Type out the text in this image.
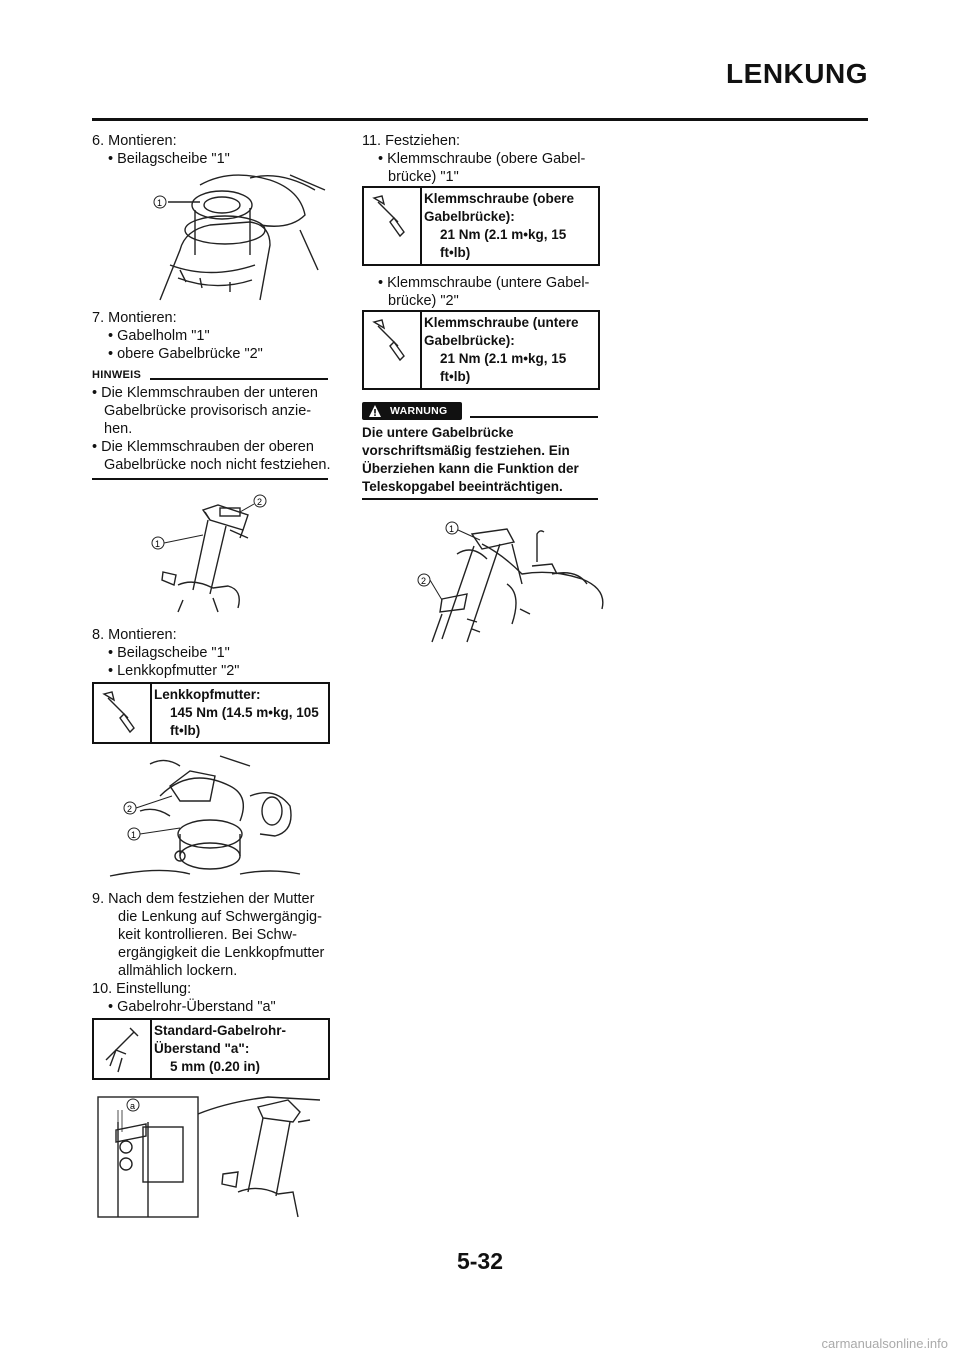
LENKUNG
6. Montieren:
• Beilagscheibe "1"
1
7. Montieren:
• Gabelholm "1"
• obere Gabelbrücke "2"
HINWEIS
• Die Klemmschrauben der unteren
Gabelbrücke provisorisch anzie-
hen.
• Die Klemmschrauben der oberen
Gabelbrücke noch nicht festziehen.
1
2
8. Montieren:
• Beilagscheibe "1"
• Lenkkopfmutter "2"
Lenkkopfmutter:
145 Nm (14.5 m•kg, 105
ft•lb)
2
1
9. Nach dem festziehen der Mutter
die Lenkung auf Schwergängig-
keit kontrollieren. Bei Schw-
ergängigkeit die Lenkkopfmutter
allmählich lockern.
10. Einstellung:
• Gabelrohr-Überstand "a"
Standard-Gabelrohr-
Überstand "a":
5 mm (0.20 in)
a
11. Festziehen:
• Klemmschraube (obere Gabel-
brücke) "1"
Klemmschraube (obere
Gabelbrücke):
21 Nm (2.1 m•kg, 15
ft•lb)
• Klemmschraube (untere Gabel-
brücke) "2"
Klemmschraube (untere
Gabelbrücke):
21 Nm (2.1 m•kg, 15
ft•lb)
WARNUNG
Die untere Gabelbrücke
vorschriftsmäßig festziehen. Ein
Überziehen kann die Funktion der
Teleskopgabel beeinträchtigen.
1
2
5-32
carmanualsonline.info
